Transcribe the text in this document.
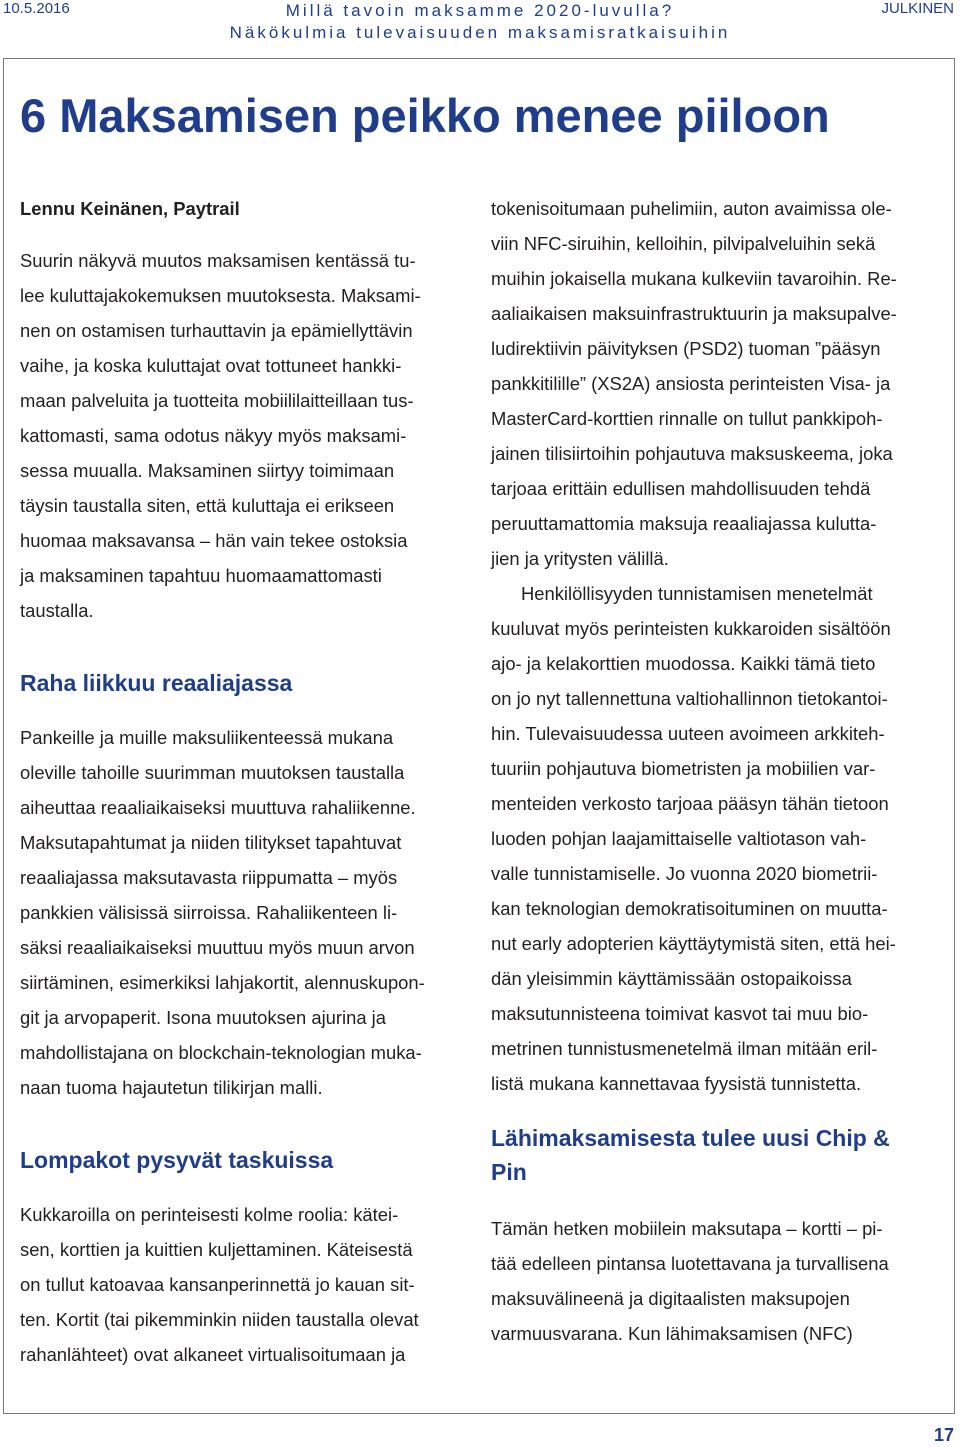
10.5.2016	Millä tavoin maksamme 2020-luvulla?
Näkökulmia tulevaisuuden maksamisratkaisuihin
JULKINEN
6 Maksamisen peikko menee piiloon

Lennu Keinänen, Paytrail

Suurin näkyvä muutos maksamisen kentässä tu-
lee kuluttajakokemuksen muutoksesta. Maksami-
nen on ostamisen turhauttavin ja epämiellyttävin
vaihe, ja koska kuluttajat ovat tottuneet hankki-
maan palveluita ja tuotteita mobiililaitteillaan tus-
kattomasti, sama odotus näkyy myös maksami-
sessa muualla. Maksaminen siirtyy toimimaan
täysin taustalla siten, että kuluttaja ei erikseen
huomaa maksavansa – hän vain tekee ostoksia
ja maksaminen tapahtuu huomaamattomasti
taustalla.

Raha liikkuu reaaliajassa

Pankeille ja muille maksuliikenteessä mukana
oleville tahoille suurimman muutoksen taustalla
aiheuttaa reaaliaikaiseksi muuttuva rahaliikenne.
Maksutapahtumat ja niiden tilitykset tapahtuvat
reaaliajassa maksutavasta riippumatta – myös
pankkien välisissä siirroissa. Rahaliikenteen li-
säksi reaaliaikaiseksi muuttuu myös muun arvon
siirtäminen, esimerkiksi lahjakortit, alennuskupon-
git ja arvopaperit. Isona muutoksen ajurina ja
mahdollistajana on blockchain-teknologian muka-
naan tuoma hajautetun tilikirjan malli.

Lompakot pysyvät taskuissa

Kukkaroilla on perinteisesti kolme roolia: kätei-
sen, korttien ja kuittien kuljettaminen. Käteisestä
on tullut katoavaa kansanperinnettä jo kauan sit-
ten. Kortit (tai pikemminkin niiden taustalla olevat
rahanlähteet) ovat alkaneet virtualisoitumaan ja

tokenisoitumaan puhelimiin, auton avaimissa ole-
viin NFC-siruihin, kelloihin, pilvipalveluihin sekä
muihin jokaisella mukana kulkeviin tavaroihin. Re-
aaliaikaisen maksuinfrastruktuurin ja maksupalve-
ludirektiivin päivityksen (PSD2) tuoman ”pääsyn
pankkitilille” (XS2A) ansiosta perinteisten Visa- ja
MasterCard-korttien rinnalle on tullut pankkipoh-
jainen tilisiirtoihin pohjautuva maksuskeema, joka
tarjoaa erittäin edullisen mahdollisuuden tehdä
peruuttamattomia maksuja reaaliajassa kulutta-
jien ja yritysten välillä.

Henkilöllisyyden tunnistamisen menetelmät
kuuluvat myös perinteisten kukkaroiden sisältöön
ajo- ja kelakorttien muodossa. Kaikki tämä tieto
on jo nyt tallennettuna valtiohallinnon tietokantoi-
hin. Tulevaisuudessa uuteen avoimeen arkkiteh-
tuuriin pohjautuva biometristen ja mobiilien var-
menteiden verkosto tarjoaa pääsyn tähän tietoon
luoden pohjan laajamittaiselle valtiotason vah-
valle tunnistamiselle. Jo vuonna 2020 biometrii-
kan teknologian demokratisoituminen on muutta-
nut early adopterien käyttäytymistä siten, että hei-
dän yleisimmin käyttämissään ostopaikoissa
maksutunnisteena toimivat kasvot tai muu bio-
metrinen tunnistusmenetelmä ilman mitään eril-
listä mukana kannettavaa fyysistä tunnistetta.

Lähimaksamisesta tulee uusi Chip &
Pin

Tämän hetken mobiilein maksutapa – kortti – pi-
tää edelleen pintansa luotettavana ja turvallisena
maksuvälineenä ja digitaalisten maksupojen
varmuusvarana. Kun lähimaksamisen (NFC)

17
